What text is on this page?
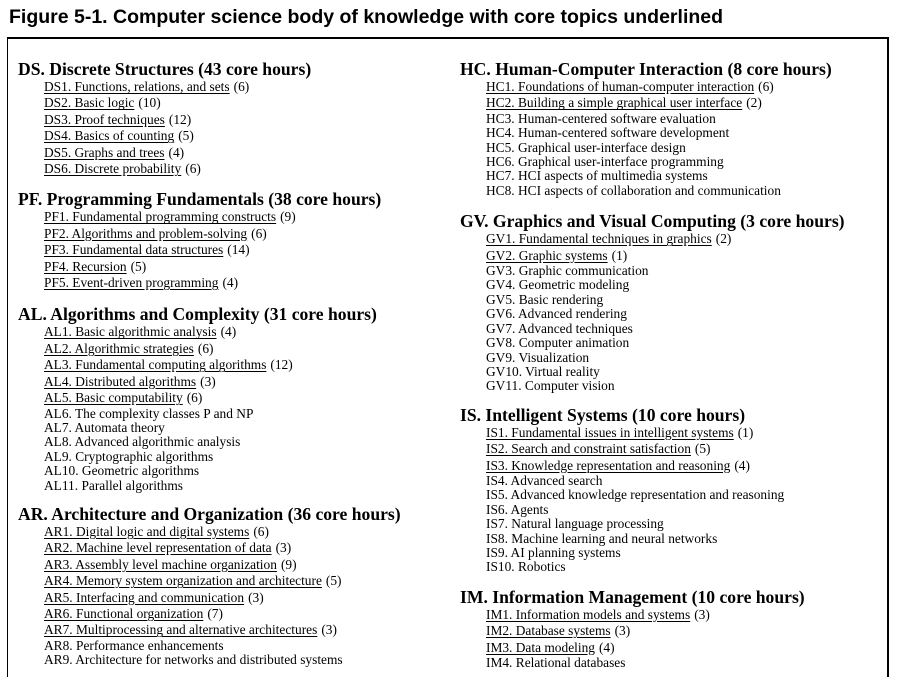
Figure 5-1. Computer science body of knowledge with core topics underlined
DS. Discrete Structures (43 core hours)
DS1. Functions, relations, and sets (6)
DS2. Basic logic (10)
DS3. Proof techniques (12)
DS4. Basics of counting (5)
DS5. Graphs and trees (4)
DS6. Discrete probability (6)
PF. Programming Fundamentals (38 core hours)
PF1. Fundamental programming constructs (9)
PF2. Algorithms and problem-solving (6)
PF3. Fundamental data structures (14)
PF4. Recursion (5)
PF5. Event-driven programming (4)
AL. Algorithms and Complexity (31 core hours)
AL1. Basic algorithmic analysis (4)
AL2. Algorithmic strategies (6)
AL3. Fundamental computing algorithms (12)
AL4. Distributed algorithms (3)
AL5. Basic computability (6)
AL6. The complexity classes P and NP
AL7. Automata theory
AL8. Advanced algorithmic analysis
AL9. Cryptographic algorithms
AL10. Geometric algorithms
AL11. Parallel algorithms
AR. Architecture and Organization (36 core hours)
AR1. Digital logic and digital systems (6)
AR2. Machine level representation of data (3)
AR3. Assembly level machine organization (9)
AR4. Memory system organization and architecture (5)
AR5. Interfacing and communication (3)
AR6. Functional organization (7)
AR7. Multiprocessing and alternative architectures (3)
AR8. Performance enhancements
AR9. Architecture for networks and distributed systems
HC. Human-Computer Interaction (8 core hours)
HC1. Foundations of human-computer interaction (6)
HC2. Building a simple graphical user interface (2)
HC3. Human-centered software evaluation
HC4. Human-centered software development
HC5. Graphical user-interface design
HC6. Graphical user-interface programming
HC7. HCI aspects of multimedia systems
HC8. HCI aspects of collaboration and communication
GV. Graphics and Visual Computing (3 core hours)
GV1. Fundamental techniques in graphics (2)
GV2. Graphic systems (1)
GV3. Graphic communication
GV4. Geometric modeling
GV5. Basic rendering
GV6. Advanced rendering
GV7. Advanced techniques
GV8. Computer animation
GV9. Visualization
GV10. Virtual reality
GV11. Computer vision
IS. Intelligent Systems (10 core hours)
IS1. Fundamental issues in intelligent systems (1)
IS2. Search and constraint satisfaction (5)
IS3. Knowledge representation and reasoning (4)
IS4. Advanced search
IS5. Advanced knowledge representation and reasoning
IS6. Agents
IS7. Natural language processing
IS8. Machine learning and neural networks
IS9. AI planning systems
IS10. Robotics
IM. Information Management (10 core hours)
IM1. Information models and systems (3)
IM2. Database systems (3)
IM3. Data modeling (4)
IM4. Relational databases
